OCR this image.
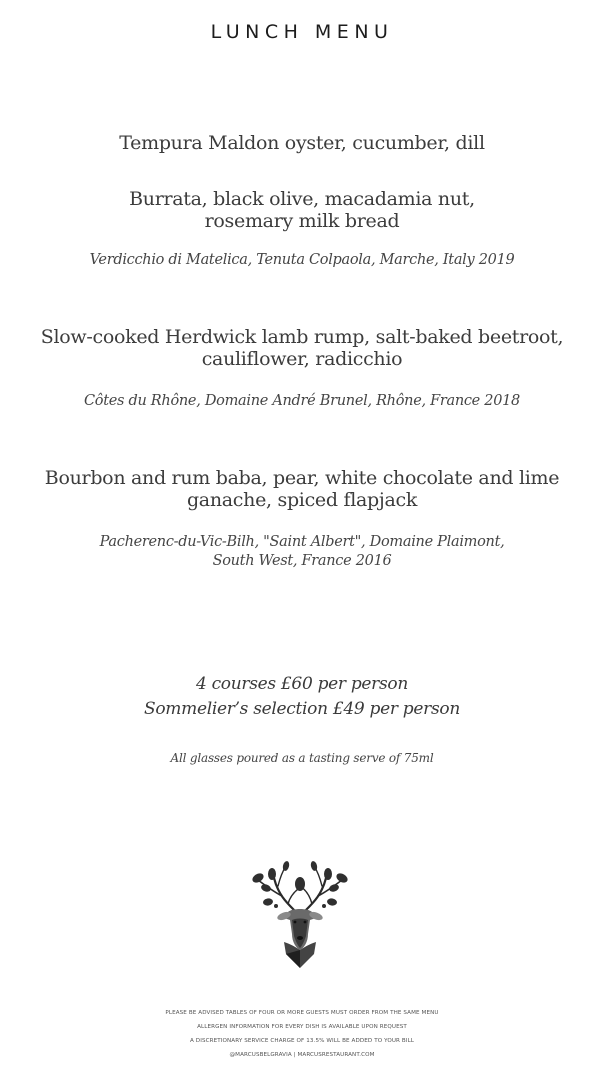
LUNCH MENU
Tempura Maldon oyster, cucumber, dill
Burrata, black olive, macadamia nut,
rosemary milk bread
Verdicchio di Matelica, Tenuta Colpaola, Marche, Italy 2019
Slow-cooked Herdwick lamb rump, salt-baked beetroot,
cauliflower, radicchio
Côtes du Rhône, Domaine André Brunel, Rhône, France 2018
Bourbon and rum baba, pear, white chocolate and lime
ganache, spiced flapjack
Pacherenc-du-Vic-Bilh, "Saint Albert", Domaine Plaimont,
South West, France 2016
4 courses £60 per person
Sommelier’s selection £49 per person
All glasses poured as a tasting serve of 75ml
PLEASE BE ADVISED TABLES OF FOUR OR MORE GUESTS MUST ORDER FROM THE SAME MENU
ALLERGEN INFORMATION FOR EVERY DISH IS AVAILABLE UPON REQUEST
A DISCRETIONARY SERVICE CHARGE OF 13.5% WILL BE ADDED TO YOUR BILL
@MARCUSBELGRAVIA | MARCUSRESTAURANT.COM
